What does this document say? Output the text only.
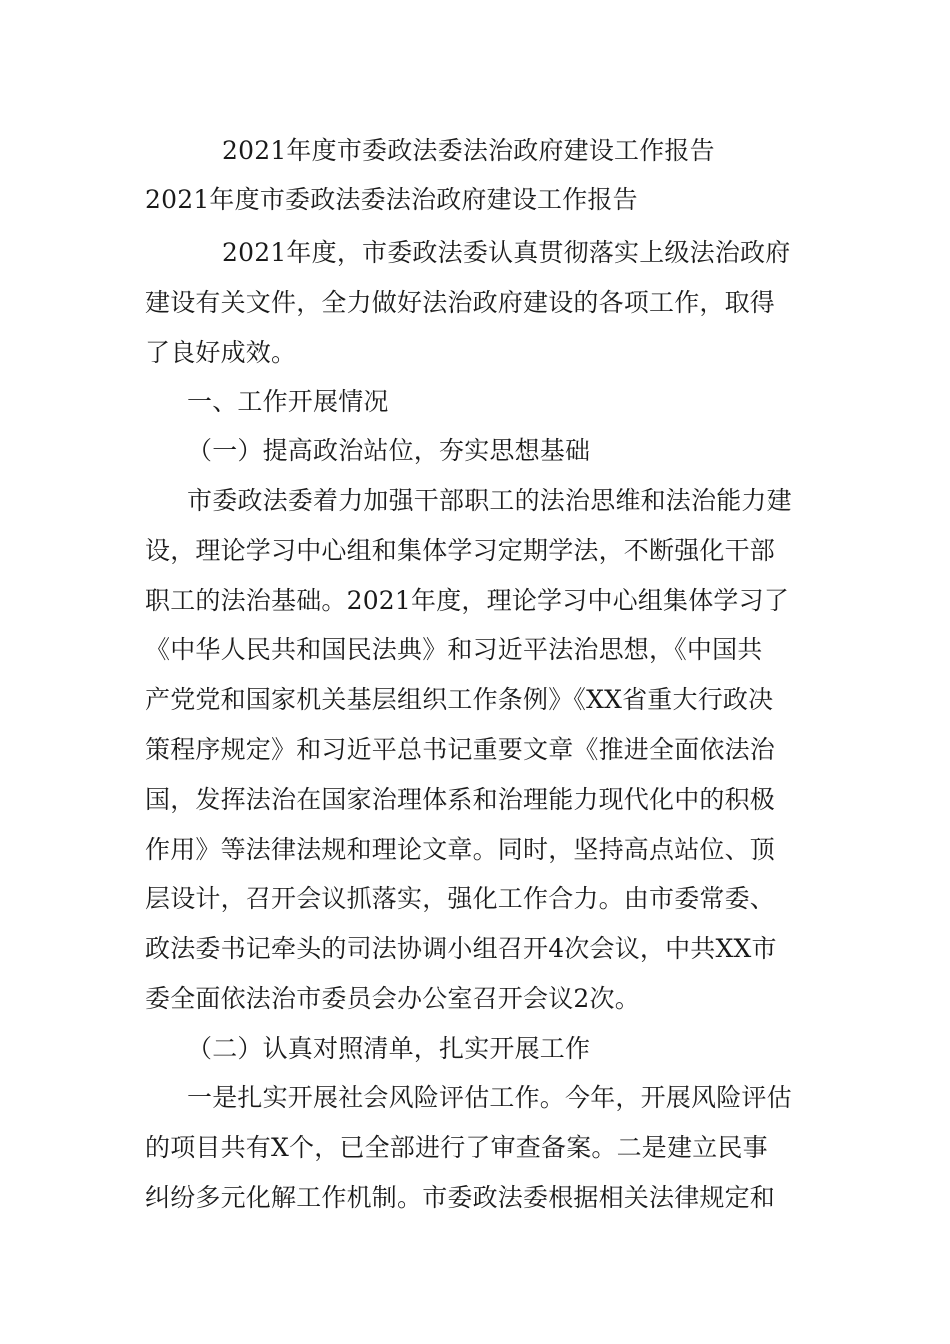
2021年度市委政法委法治政府建设工作报告
2021年度市委政法委法治政府建设工作报告
2021年度，市委政法委认真贯彻落实上级法治政府
建设有关文件，全力做好法治政府建设的各项工作，取得
了良好成效。
一、工作开展情况
（一）提高政治站位，夯实思想基础
市委政法委着力加强干部职工的法治思维和法治能力建
设，理论学习中心组和集体学习定期学法，不断强化干部
职工的法治基础。2021年度，理论学习中心组集体学习了
《中华人民共和国民法典》和习近平法治思想，《中国共
产党党和国家机关基层组织工作条例》《XX省重大行政决
策程序规定》和习近平总书记重要文章《推进全面依法治
国，发挥法治在国家治理体系和治理能力现代化中的积极
作用》等法律法规和理论文章。同时，坚持高点站位、顶
层设计，召开会议抓落实，强化工作合力。由市委常委、
政法委书记牵头的司法协调小组召开4次会议，中共XX市
委全面依法治市委员会办公室召开会议2次。
（二）认真对照清单，扎实开展工作
一是扎实开展社会风险评估工作。今年，开展风险评估
的项目共有X个，已全部进行了审查备案。二是建立民事
纠纷多元化解工作机制。市委政法委根据相关法律规定和
